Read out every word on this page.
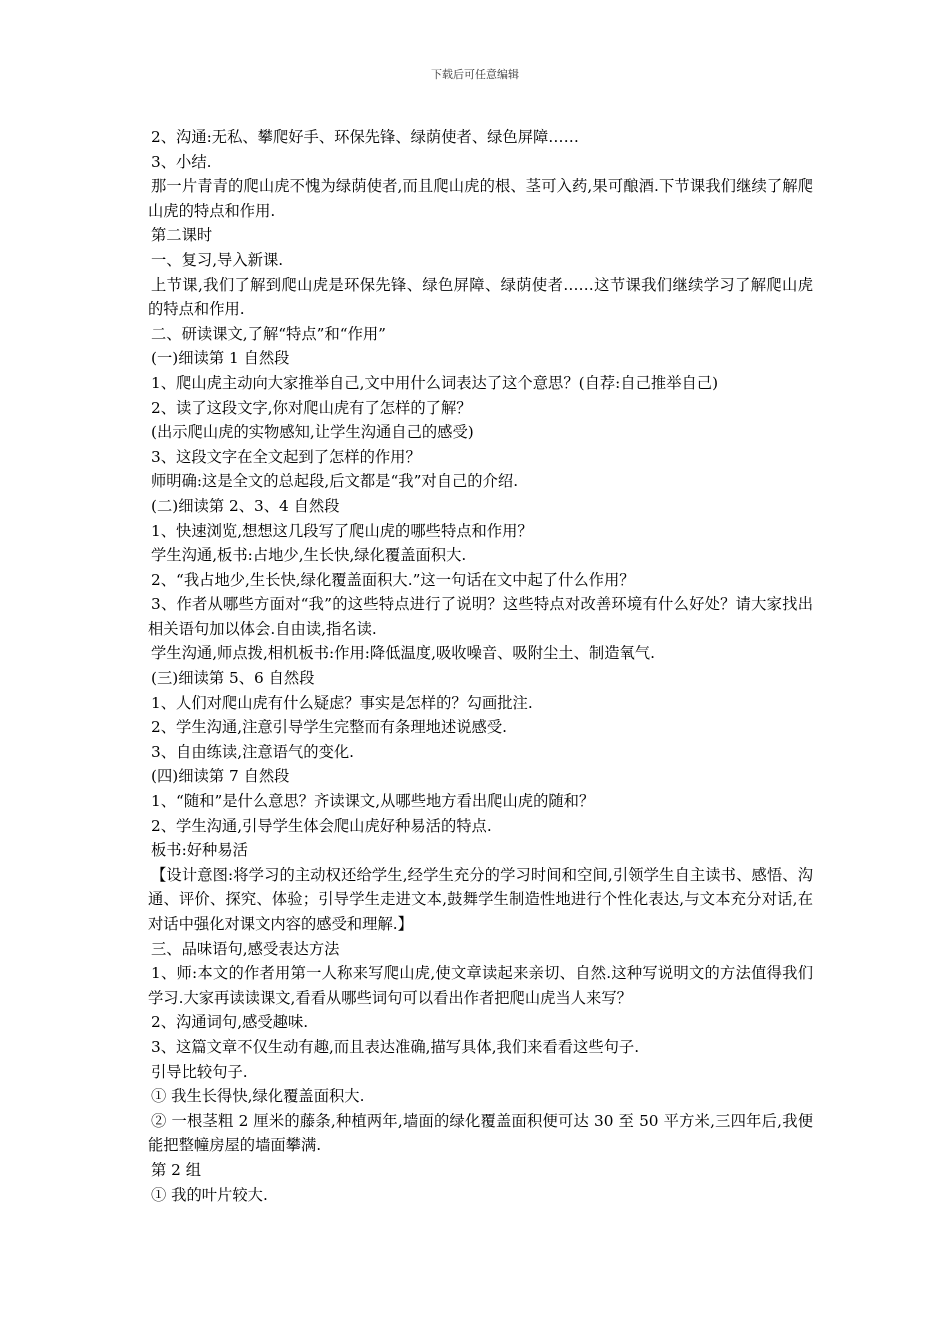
下载后可任意编辑

2、沟通:无私、攀爬好手、环保先锋、绿荫使者、绿色屏障……

3、小结.

那一片青青的爬山虎不愧为绿荫使者,而且爬山虎的根、茎可入药,果可酿酒.下节课我们继续了解爬山虎的特点和作用.

第二课时

一、复习,导入新课.

上节课,我们了解到爬山虎是环保先锋、绿色屏障、绿荫使者……这节课我们继续学习了解爬山虎的特点和作用.

二、研读课文,了解“特点”和“作用”

(一)细读第 1 自然段

1、爬山虎主动向大家推举自己,文中用什么词表达了这个意思？(自荐:自己推举自己)

2、读了这段文字,你对爬山虎有了怎样的了解？

(出示爬山虎的实物感知,让学生沟通自己的感受)

3、这段文字在全文起到了怎样的作用？

师明确:这是全文的总起段,后文都是“我”对自己的介绍.

(二)细读第 2、3、4 自然段

1、快速浏览,想想这几段写了爬山虎的哪些特点和作用？

学生沟通,板书:占地少,生长快,绿化覆盖面积大.

2、“我占地少,生长快,绿化覆盖面积大.”这一句话在文中起了什么作用？

3、作者从哪些方面对“我”的这些特点进行了说明？这些特点对改善环境有什么好处？请大家找出相关语句加以体会.自由读,指名读.

学生沟通,师点拨,相机板书:作用:降低温度,吸收噪音、吸附尘土、制造氧气.

(三)细读第 5、6 自然段

1、人们对爬山虎有什么疑虑？事实是怎样的？勾画批注.

2、学生沟通,注意引导学生完整而有条理地述说感受.

3、自由练读,注意语气的变化.

(四)细读第 7 自然段

1、“随和”是什么意思？齐读课文,从哪些地方看出爬山虎的随和？

2、学生沟通,引导学生体会爬山虎好种易活的特点.

板书:好种易活

【设计意图:将学习的主动权还给学生,经学生充分的学习时间和空间,引领学生自主读书、感悟、沟通、评价、探究、体验；引导学生走进文本,鼓舞学生制造性地进行个性化表达,与文本充分对话,在对话中强化对课文内容的感受和理解.】

三、品味语句,感受表达方法

1、师:本文的作者用第一人称来写爬山虎,使文章读起来亲切、自然.这种写说明文的方法值得我们学习.大家再读读课文,看看从哪些词句可以看出作者把爬山虎当人来写？

2、沟通词句,感受趣味.

3、这篇文章不仅生动有趣,而且表达准确,描写具体,我们来看看这些句子.

引导比较句子.

① 我生长得快,绿化覆盖面积大.

② 一根茎粗 2 厘米的藤条,种植两年,墙面的绿化覆盖面积便可达 30 至 50 平方米,三四年后,我便能把整幢房屋的墙面攀满.

第 2 组

① 我的叶片较大.
